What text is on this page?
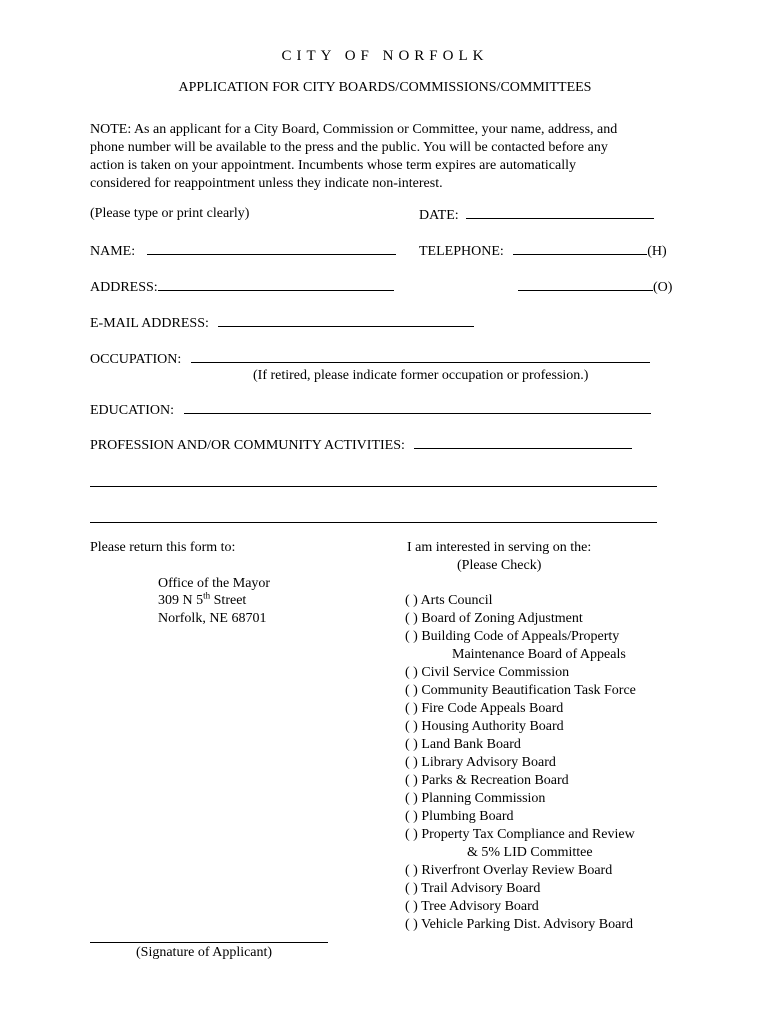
CITY OF NORFOLK
APPLICATION FOR CITY BOARDS/COMMISSIONS/COMMITTEES
NOTE: As an applicant for a City Board, Commission or Committee, your name, address, and
phone number will be available to the press and the public. You will be contacted before any
action is taken on your appointment. Incumbents whose term expires are automatically
considered for reappointment unless they indicate non-interest.
(Please type or print clearly)	DATE:
NAME:	TELEPHONE:	(H)
ADDRESS:	(O)
E-MAIL ADDRESS:
OCCUPATION:
(If retired, please indicate former occupation or profession.)
EDUCATION:
PROFESSION AND/OR COMMUNITY ACTIVITIES:
Please return this form to:
Office of the Mayor
309 N 5th Street
Norfolk, NE 68701
I am interested in serving on the:
(Please Check)
( ) Arts Council
( ) Board of Zoning Adjustment
( ) Building Code of Appeals/Property
Maintenance Board of Appeals
( ) Civil Service Commission
( ) Community Beautification Task Force
( ) Fire Code Appeals Board
( ) Housing Authority Board
( ) Land Bank Board
( ) Library Advisory Board
( ) Parks & Recreation Board
( ) Planning Commission
( ) Plumbing Board
( ) Property Tax Compliance and Review
& 5% LID Committee
( ) Riverfront Overlay Review Board
( ) Trail Advisory Board
( ) Tree Advisory Board
( ) Vehicle Parking Dist. Advisory Board
(Signature of Applicant)
